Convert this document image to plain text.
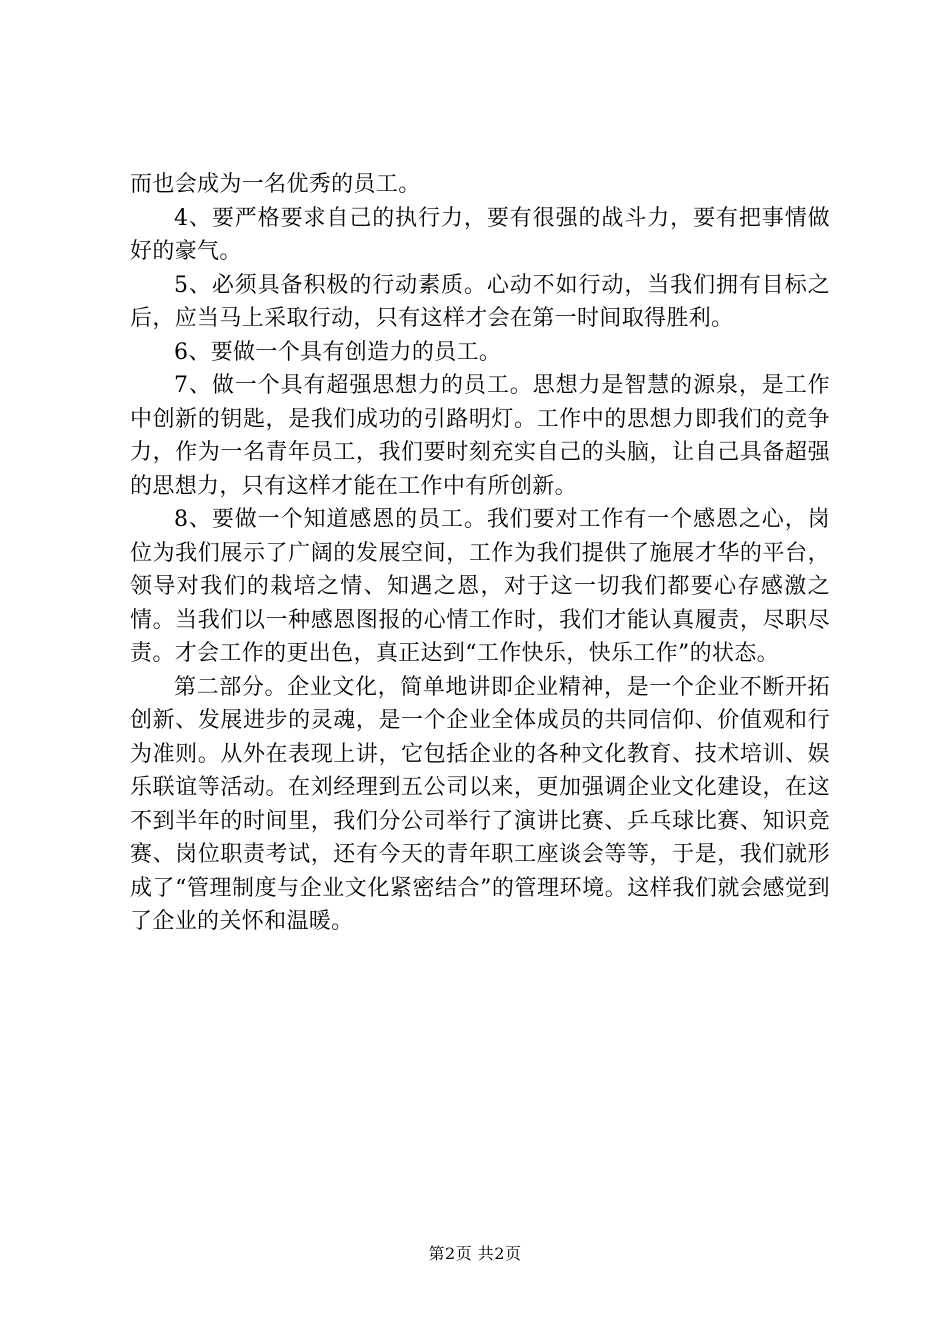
而也会成为一名优秀的员工。

4、要严格要求自己的执行力，要有很强的战斗力，要有把事情做好的豪气。

5、必须具备积极的行动素质。心动不如行动，当我们拥有目标之后，应当马上采取行动，只有这样才会在第一时间取得胜利。

6、要做一个具有创造力的员工。

7、做一个具有超强思想力的员工。思想力是智慧的源泉，是工作中创新的钥匙，是我们成功的引路明灯。工作中的思想力即我们的竞争力，作为一名青年员工，我们要时刻充实自己的头脑，让自己具备超强的思想力，只有这样才能在工作中有所创新。

8、要做一个知道感恩的员工。我们要对工作有一个感恩之心，岗位为我们展示了广阔的发展空间，工作为我们提供了施展才华的平台，领导对我们的栽培之情、知遇之恩，对于这一切我们都要心存感激之情。当我们以一种感恩图报的心情工作时，我们才能认真履责，尽职尽责。才会工作的更出色，真正达到“工作快乐，快乐工作”的状态。

第二部分。企业文化，简单地讲即企业精神，是一个企业不断开拓创新、发展进步的灵魂，是一个企业全体成员的共同信仰、价值观和行为准则。从外在表现上讲，它包括企业的各种文化教育、技术培训、娱乐联谊等活动。在刘经理到五公司以来，更加强调企业文化建设，在这不到半年的时间里，我们分公司举行了演讲比赛、乒乓球比赛、知识竞赛、岗位职责考试，还有今天的青年职工座谈会等等，于是，我们就形成了“管理制度与企业文化紧密结合”的管理环境。这样我们就会感觉到了企业的关怀和温暖。

第2页 共2页
